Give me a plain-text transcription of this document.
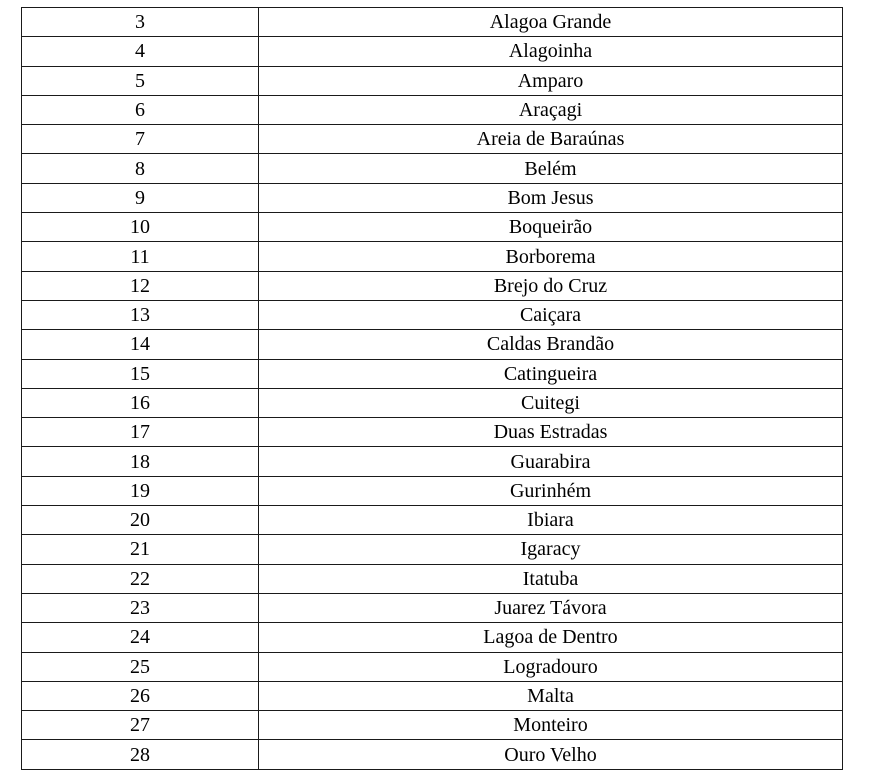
3	Alagoa Grande
4	Alagoinha
5	Amparo
6	Araçagi
7	Areia de Baraúnas
8	Belém
9	Bom Jesus
10	Boqueirão
11	Borborema
12	Brejo do Cruz
13	Caiçara
14	Caldas Brandão
15	Catingueira
16	Cuitegi
17	Duas Estradas
18	Guarabira
19	Gurinhém
20	Ibiara
21	Igaracy
22	Itatuba
23	Juarez Távora
24	Lagoa de Dentro
25	Logradouro
26	Malta
27	Monteiro
28	Ouro Velho
